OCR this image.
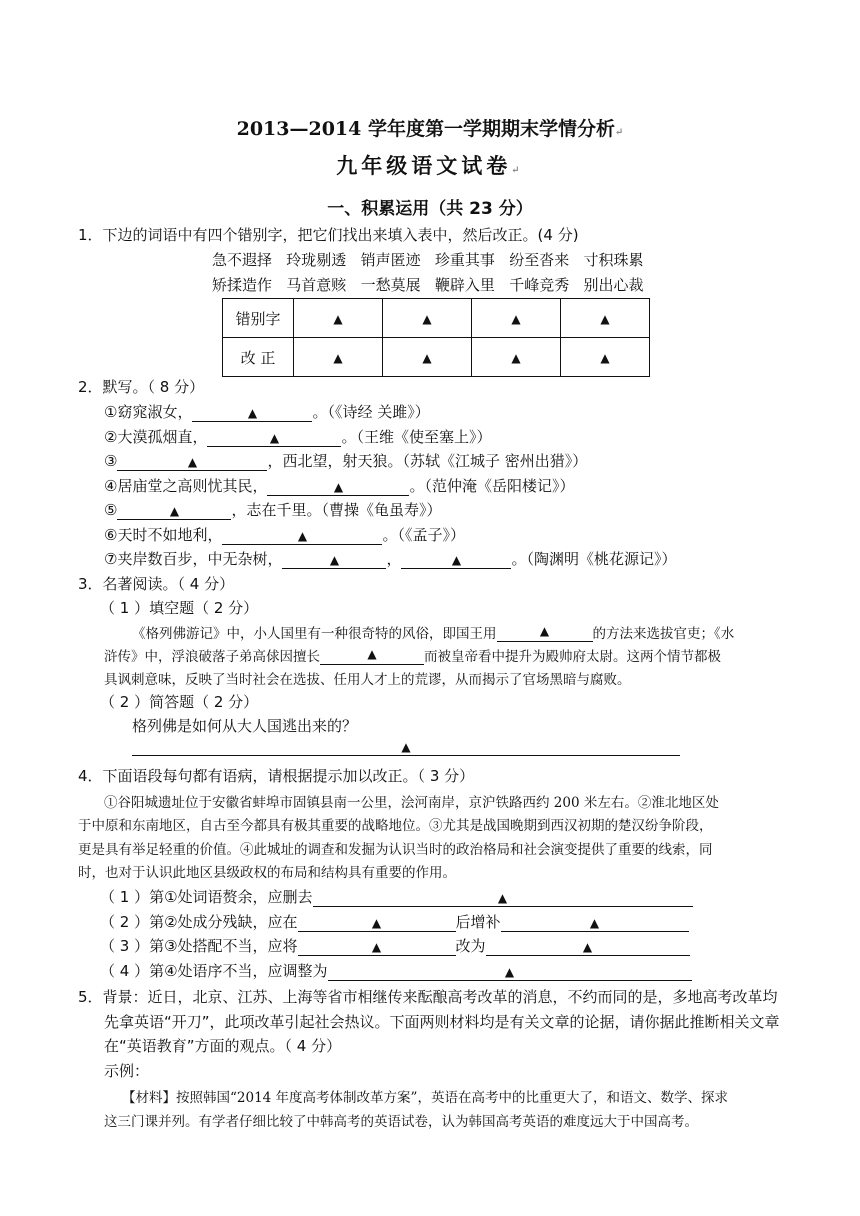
2013—2014 学年度第一学期期末学情分析↵
九年级语文试卷↵
一、积累运用（共 23 分）
1．下边的词语中有四个错别字，把它们找出来填入表中，然后改正。(4 分)
急不遐择   玲珑剔透   销声匿迹   珍重其事   纷至沓来   寸积珠累
矫揉造作   马首意赅   一愁莫展   鞭辟入里   千峰竞秀   别出心裁
错别字	▲	▲	▲	▲
改 正	▲	▲	▲	▲
2．默写。（ 8 分）
①窈窕淑女，	▲	。（《诗经 关雎》）
②大漠孤烟直，	▲	。（王维《使至塞上》）
③	▲	，西北望，射天狼。（苏轼《江城子 密州出猎》）
④居庙堂之高则忧其民，	▲	。（范仲淹《岳阳楼记》）
⑤	▲	，志在千里。（曹操《龟虽寿》）
⑥天时不如地利，	▲	。（《孟子》）
⑦夹岸数百步，中无杂树，	▲	，	▲	。（陶渊明《桃花源记》）
3．名著阅读。（ 4 分）
（ 1 ）填空题（ 2 分）
《格列佛游记》中，小人国里有一种很奇特的风俗，即国王用	▲	的方法来选拔官吏；《水
浒传》中，浮浪破落子弟高俅因擅长	▲	而被皇帝看中提升为殿帅府太尉。这两个情节都极
具讽刺意味，反映了当时社会在选拔、任用人才上的荒谬，从而揭示了官场黑暗与腐败。
（ 2 ）简答题（ 2 分）
格列佛是如何从大人国逃出来的？
▲
4．下面语段每句都有语病，请根据提示加以改正。（ 3 分）
①谷阳城遗址位于安徽省蚌埠市固镇县南一公里，浍河南岸，京沪铁路西约 200 米左右。②淮北地区处
于中原和东南地区，自古至今都具有极其重要的战略地位。③尤其是战国晚期到西汉初期的楚汉纷争阶段，
更是具有举足轻重的价值。④此城址的调查和发掘为认识当时的政治格局和社会演变提供了重要的线索，同
时，也对于认识此地区县级政权的布局和结构具有重要的作用。
（ 1 ）第①处词语赘余，应删去	▲
（ 2 ）第②处成分残缺，应在	▲	后增补	▲
（ 3 ）第③处搭配不当，应将	▲	改为	▲
（ 4 ）第④处语序不当，应调整为	▲
5．背景：近日，北京、江苏、上海等省市相继传来酝酿高考改革的消息，不约而同的是，多地高考改革均
先拿英语“开刀”，此项改革引起社会热议。下面两则材料均是有关文章的论据，请你据此推断相关文章
在“英语教育”方面的观点。（ 4 分）
示例：
【材料】按照韩国“2014 年度高考体制改革方案”，英语在高考中的比重更大了，和语文、数学、探求
这三门课并列。有学者仔细比较了中韩高考的英语试卷，认为韩国高考英语的难度远大于中国高考。
